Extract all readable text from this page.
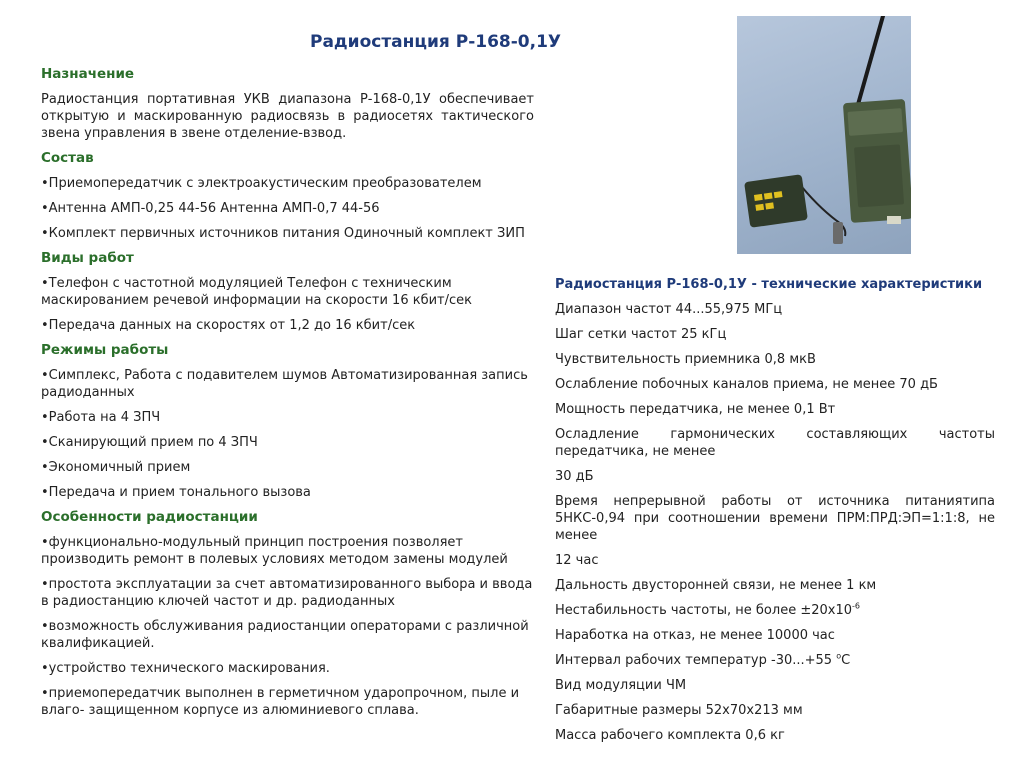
Радиостанция Р-168-0,1У
Назначение
Радиостанция портативная УКВ диапазона Р-168-0,1У обеспечивает открытую и маскированную радиосвязь в радиосетях тактического звена управления в звене отделение-взвод.
Состав
•Приемопередатчик с электроакустическим преобразователем
•Антенна АМП-0,25 44-56 Антенна АМП-0,7 44-56
•Комплект первичных источников питания Одиночный комплект ЗИП
Виды работ
•Телефон с частотной модуляцией Телефон с техническим маскированием речевой информации на скорости 16 кбит/сек
•Передача данных на скоростях от 1,2 до 16 кбит/сек
Режимы работы
•Симплекс, Работа с подавителем шумов Автоматизированная запись радиоданных
•Работа на 4 ЗПЧ
•Сканирующий прием по 4 ЗПЧ
•Экономичный прием
•Передача и прием тонального вызова
Особенности радиостанции
•функционально-модульный принцип построения позволяет производить ремонт в полевых условиях методом замены модулей
•простота эксплуатации за счет автоматизированного выбора и ввода в радиостанцию ключей частот и др. радиоданных
•возможность обслуживания радиостанции операторами с различной квалификацией.
•устройство технического маскирования.
•приемопередатчик выполнен в герметичном ударопрочном, пыле и влаго- защищенном корпусе из алюминиевого сплава.
Радиостанция Р-168-0,1У - технические характеристики
Диапазон частот 44...55,975 МГц
Шаг сетки частот 25 кГц
Чувствительность приемника 0,8 мкВ
Ослабление побочных каналов приема, не менее 70 дБ
Мощность передатчика, не менее 0,1 Вт
Осладление гармонических составляющих частоты передатчика, не менее
30 дБ
Время непрерывной работы от источника питаниятипа 5НКС-0,94 при соотношении времени ПРМ:ПРД:ЭП=1:1:8, не менее
12 час
Дальность двусторонней связи, не менее 1 км
Нестабильность частоты, не более $\pm 20x10^{-6}$
Наработка на отказ, не менее 10000 час
Интервал рабочих температур -30...+55 $^о$С
Вид модуляции ЧМ
Габаритные размеры 52х70х213 мм
Масса рабочего комплекта 0,6 кг
